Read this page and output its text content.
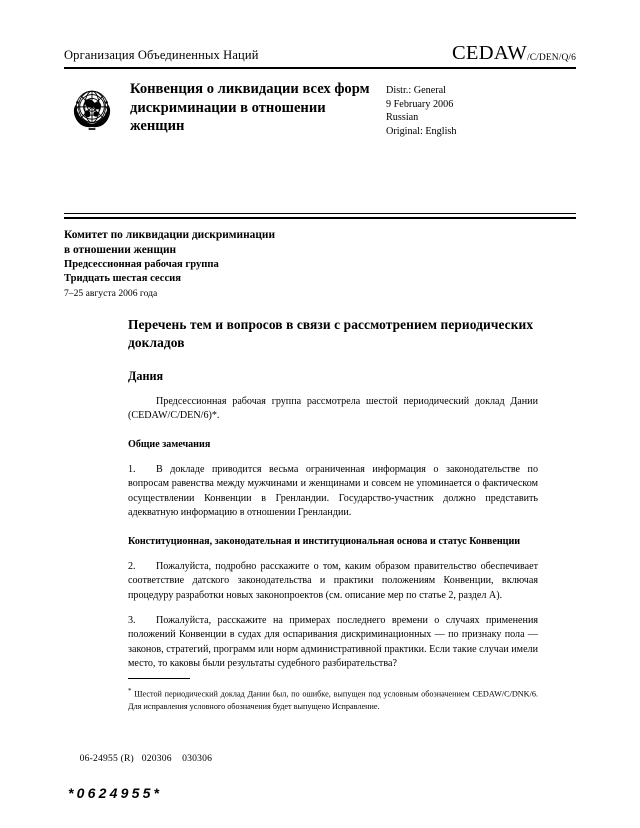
Организация Объединенных Наций	CEDAW/C/DEN/Q/6
Конвенция о ликвидации всех форм дискриминации в отношении женщин
Distr.: General
9 February 2006
Russian
Original: English
Комитет по ликвидации дискриминации
в отношении женщин
Предсессионная рабочая группа
Тридцать шестая сессия
7–25 августа 2006 года
Перечень тем и вопросов в связи с рассмотрением периодических докладов
Дания

Предсессионная рабочая группа рассмотрела шестой периодический доклад Дании (CEDAW/C/DEN/6)*.

Общие замечания

1. В докладе приводится весьма ограниченная информация о законодательстве по вопросам равенства между мужчинами и женщинами и совсем не упоминается о фактическом осуществлении Конвенции в Гренландии. Государство-участник должно представить адекватную информацию в отношении Гренландии.

Конституционная, законодательная и институциональная основа и статус Конвенции

2. Пожалуйста, подробно расскажите о том, каким образом правительство обеспечивает соответствие датского законодательства и практики положениям Конвенции, включая процедуру разработки новых законопроектов (см. описание мер по статье 2, раздел A).

3. Пожалуйста, расскажите на примерах последнего времени о случаях применения положений Конвенции в судах для оспаривания дискриминационных — по признаку пола — законов, стратегий, программ или норм административной практики. Если такие случаи имели место, то каковы были результаты судебного разбирательства?

* Шестой периодический доклад Дании был, по ошибке, выпущен под условным обозначением CEDAW/C/DNK/6. Для исправления условного обозначения будет выпущено Исправление.

06-24955 (R) 020306    030306

*0624955*
